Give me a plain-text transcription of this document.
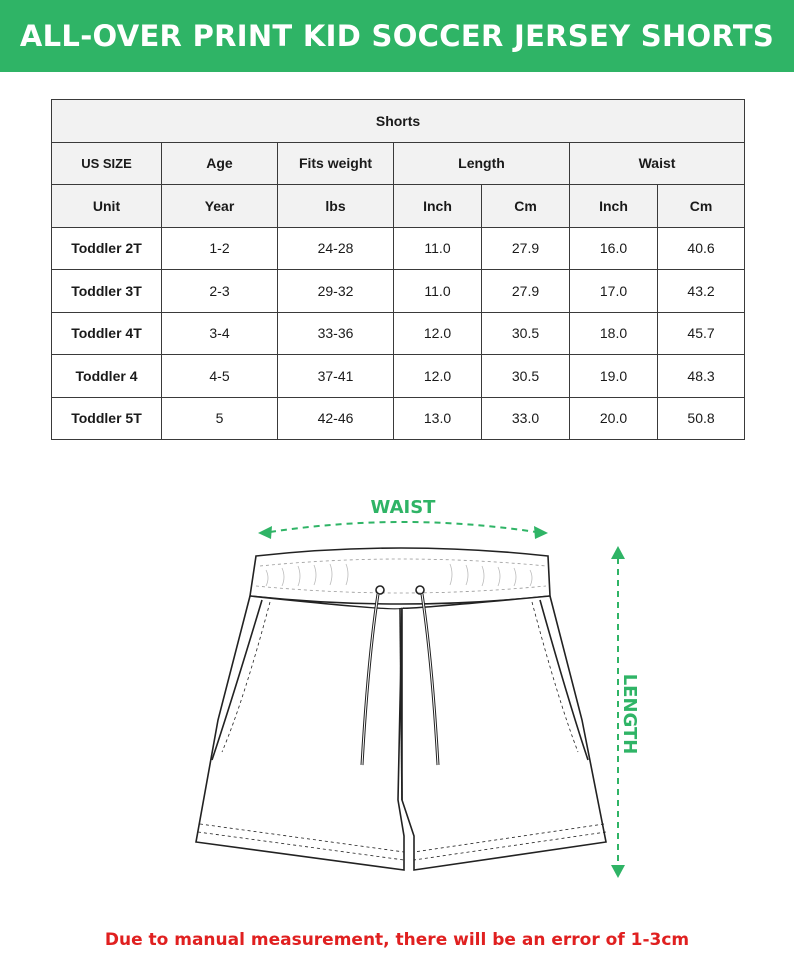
ALL-OVER PRINT KID SOCCER JERSEY SHORTS
Shorts						
US SIZE	Age	Fits weight	Length		Waist	
Unit	Year	lbs	Inch	Cm	Inch	Cm
Toddler 2T	1-2	24-28	11.0	27.9	16.0	40.6
Toddler 3T	2-3	29-32	11.0	27.9	17.0	43.2
Toddler 4T	3-4	33-36	12.0	30.5	18.0	45.7
Toddler 4	4-5	37-41	12.0	30.5	19.0	48.3
Toddler 5T	5	42-46	13.0	33.0	20.0	50.8
WAIST
LENGTH
Due to manual measurement, there will be an error of 1-3cm
